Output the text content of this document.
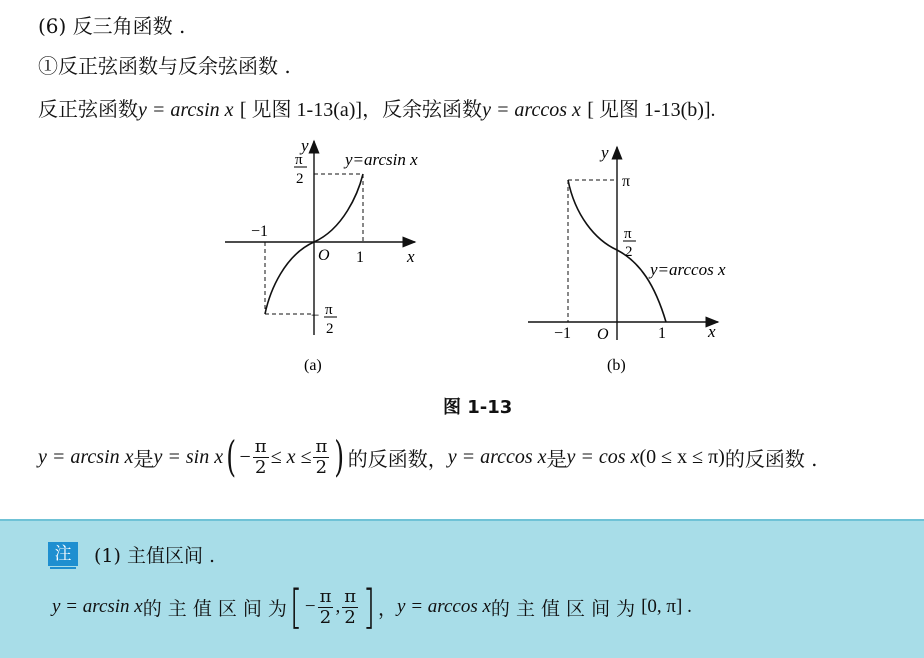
(6) 反三角函数 .
①反正弦函数与反余弦函数 .
反正弦函数y = arcsin x [ 见图 1-13(a)]，反余弦函数y = arccos x [ 见图 1-13(b)].
y
x
O 1
−1
y=arcsin x
π
2
− π
2
(a)
y
x
O	1
−1
π
π
2
y=arccos x
(b)
图 1-13
y = arcsin x 是 y = sin x ( − $\frac{\pi}{2} \le x \le \frac{\pi}{2}$ ) 的反函数， y = arccos x 是 y = cos x (0 ≤ x ≤ π) 的反函数 .
注	(1) 主值区间 .
y = arcsin x 的 主 值 区 间 为 [ − $\frac{\pi}{2}$ , $\frac{\pi}{2}$ ] ， y = arccos x 的 主 值 区 间 为 [0, π] .
